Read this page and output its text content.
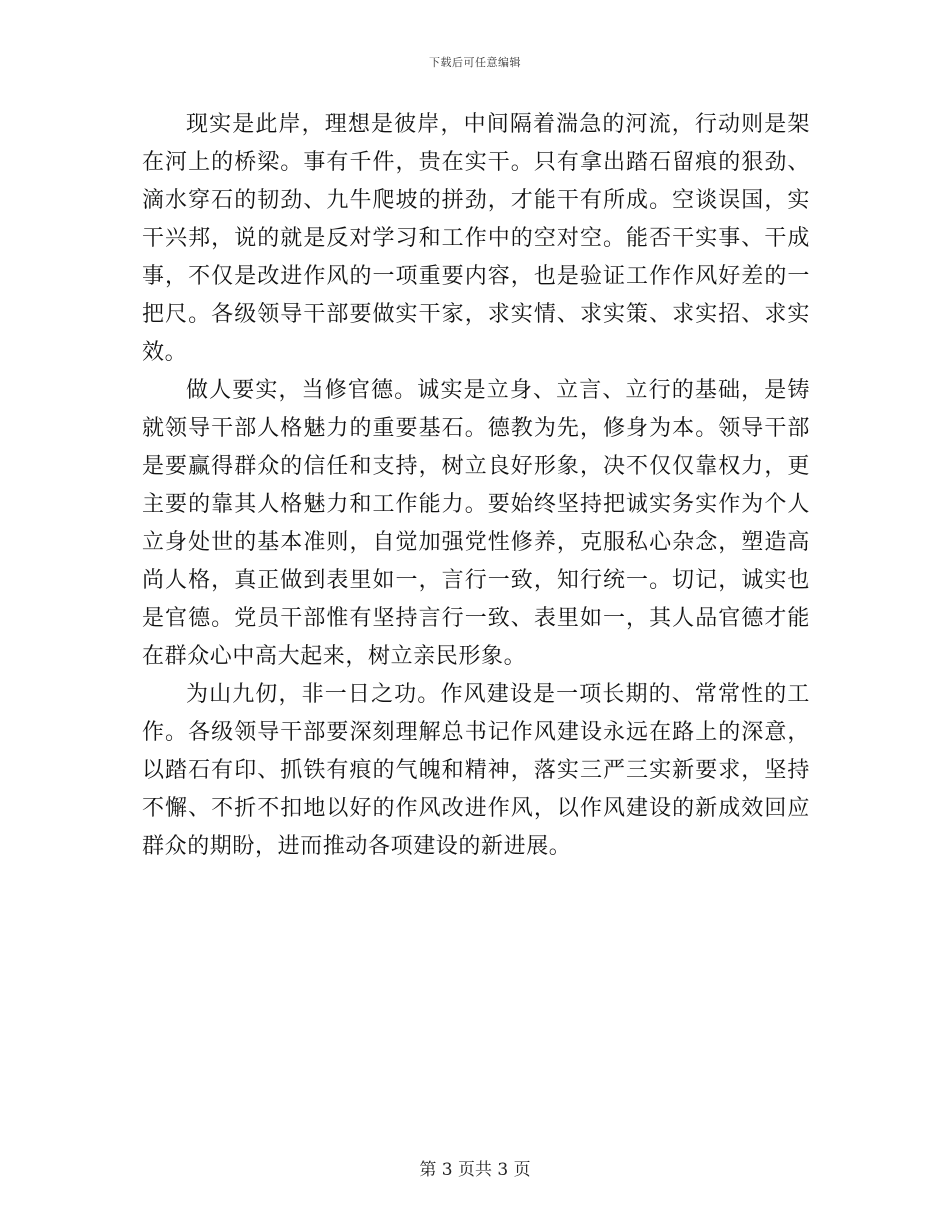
下载后可任意编辑

现实是此岸，理想是彼岸，中间隔着湍急的河流，行动则是架在河上的桥梁。事有千件，贵在实干。只有拿出踏石留痕的狠劲、滴水穿石的韧劲、九牛爬坡的拼劲，才能干有所成。空谈误国，实干兴邦，说的就是反对学习和工作中的空对空。能否干实事、干成事，不仅是改进作风的一项重要内容，也是验证工作作风好差的一把尺。各级领导干部要做实干家，求实情、求实策、求实招、求实效。

做人要实，当修官德。诚实是立身、立言、立行的基础，是铸就领导干部人格魅力的重要基石。德教为先，修身为本。领导干部是要赢得群众的信任和支持，树立良好形象，决不仅仅靠权力，更主要的靠其人格魅力和工作能力。要始终坚持把诚实务实作为个人立身处世的基本准则，自觉加强党性修养，克服私心杂念，塑造高尚人格，真正做到表里如一，言行一致，知行统一。切记，诚实也是官德。党员干部惟有坚持言行一致、表里如一，其人品官德才能在群众心中高大起来，树立亲民形象。

为山九仞，非一日之功。作风建设是一项长期的、常常性的工作。各级领导干部要深刻理解总书记作风建设永远在路上的深意，以踏石有印、抓铁有痕的气魄和精神，落实三严三实新要求，坚持不懈、不折不扣地以好的作风改进作风，以作风建设的新成效回应群众的期盼，进而推动各项建设的新进展。

第 3 页共 3 页
